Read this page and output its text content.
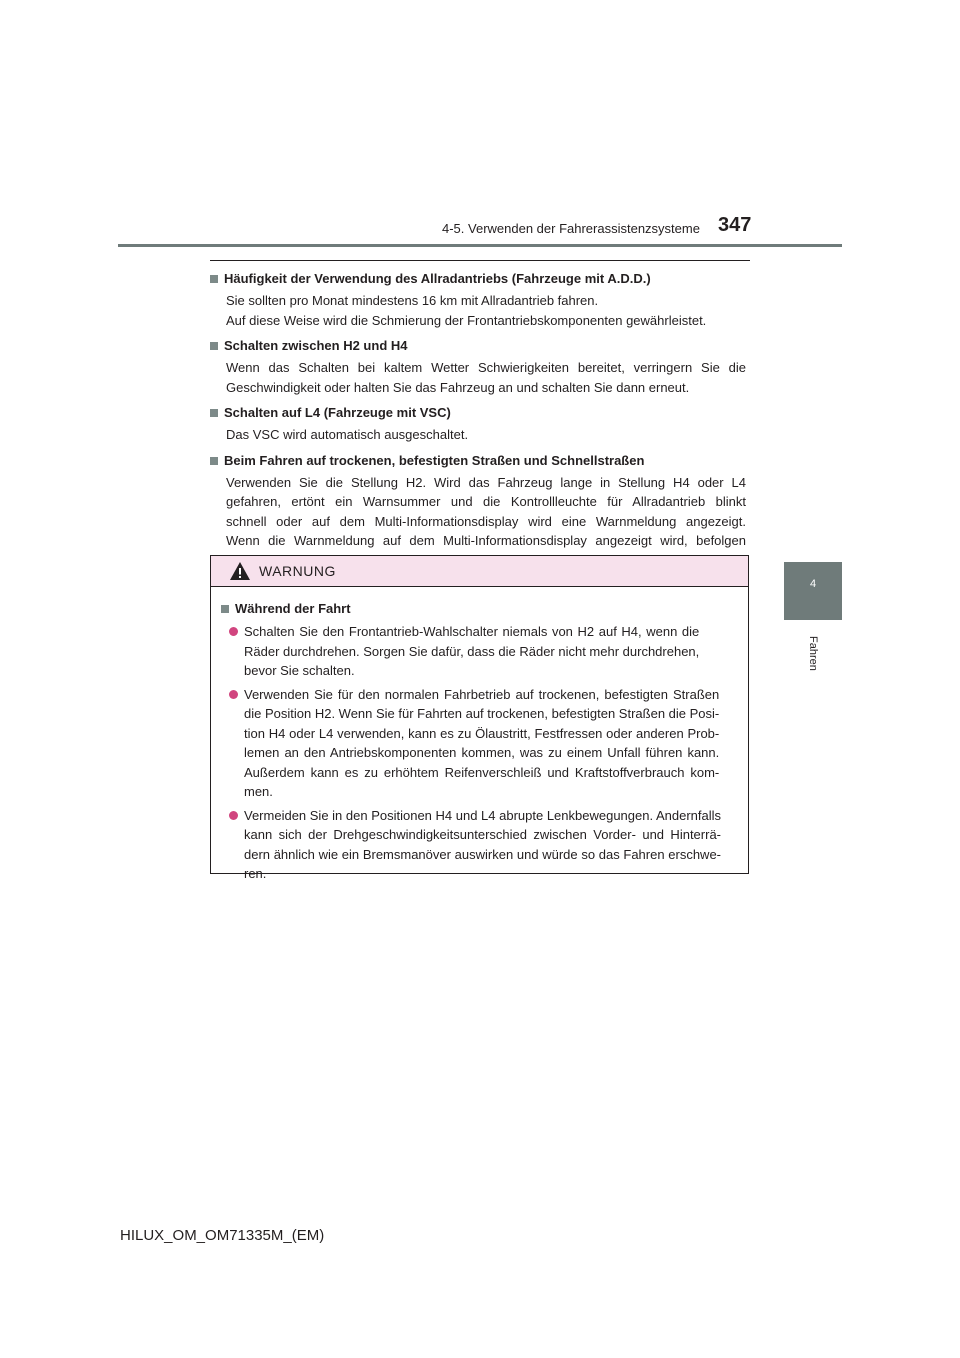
4-5. Verwenden der Fahrerassistenzsysteme 347
4
Fahren
Häufigkeit der Verwendung des Allradantriebs (Fahrzeuge mit A.D.D.)
Sie sollten pro Monat mindestens 16 km mit Allradantrieb fahren.
Auf diese Weise wird die Schmierung der Frontantriebskomponenten gewährleistet.
Schalten zwischen H2 und H4
Wenn das Schalten bei kaltem Wetter Schwierigkeiten bereitet, verringern Sie die
Geschwindigkeit oder halten Sie das Fahrzeug an und schalten Sie dann erneut.
Schalten auf L4 (Fahrzeuge mit VSC)
Das VSC wird automatisch ausgeschaltet.
Beim Fahren auf trockenen, befestigten Straßen und Schnellstraßen
Verwenden Sie die Stellung H2. Wird das Fahrzeug lange in Stellung H4 oder L4
gefahren, ertönt ein Warnsummer und die Kontrollleuchte für Allradantrieb blinkt
schnell oder auf dem Multi-Informationsdisplay wird eine Warnmeldung angezeigt.
Wenn die Warnmeldung auf dem Multi-Informationsdisplay angezeigt wird, befolgen
WARNUNG
Während der Fahrt
Schalten Sie den Frontantrieb-Wahlschalter niemals von H2 auf H4, wenn die
Räder durchdrehen. Sorgen Sie dafür, dass die Räder nicht mehr durchdrehen,
bevor Sie schalten.
Verwenden Sie für den normalen Fahrbetrieb auf trockenen, befestigten Straßen
die Position H2. Wenn Sie für Fahrten auf trockenen, befestigten Straßen die Posi-
tion H4 oder L4 verwenden, kann es zu Ölaustritt, Festfressen oder anderen Prob-
lemen an den Antriebskomponenten kommen, was zu einem Unfall führen kann.
Außerdem kann es zu erhöhtem Reifenverschleiß und Kraftstoffverbrauch kom-
men.
Vermeiden Sie in den Positionen H4 und L4 abrupte Lenkbewegungen. Andernfalls
kann sich der Drehgeschwindigkeitsunterschied zwischen Vorder- und Hinterrä-
dern ähnlich wie ein Bremsmanöver auswirken und würde so das Fahren erschwe-
ren.
HILUX_OM_OM71335M_(EM)
